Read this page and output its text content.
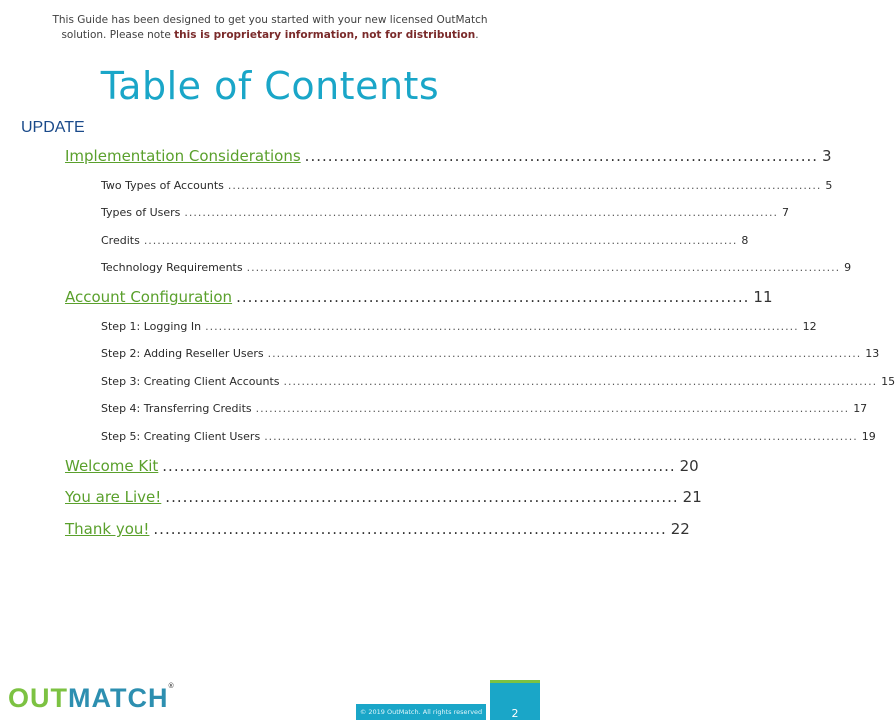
This Guide has been designed to get you started with your new licensed OutMatch
solution. Please note this is proprietary information, not for distribution.
Table of Contents
UPDATE
Implementation Considerations ......................................................................................... 3
Two Types of Accounts .................................................................................................................................... 5
Types of Users .................................................................................................................................... 7
Credits .................................................................................................................................... 8
Technology Requirements .................................................................................................................................... 9
Account Configuration ......................................................................................... 11
Step 1: Logging In .................................................................................................................................... 12
Step 2: Adding Reseller Users .................................................................................................................................... 13
Step 3: Creating Client Accounts .................................................................................................................................... 15
Step 4: Transferring Credits .................................................................................................................................... 17
Step 5: Creating Client Users .................................................................................................................................... 19
Welcome Kit ......................................................................................... 20
You are Live! ......................................................................................... 21
Thank you! ......................................................................................... 22
OUTMATCH®
© 2019 OutMatch. All rights reserved	2
